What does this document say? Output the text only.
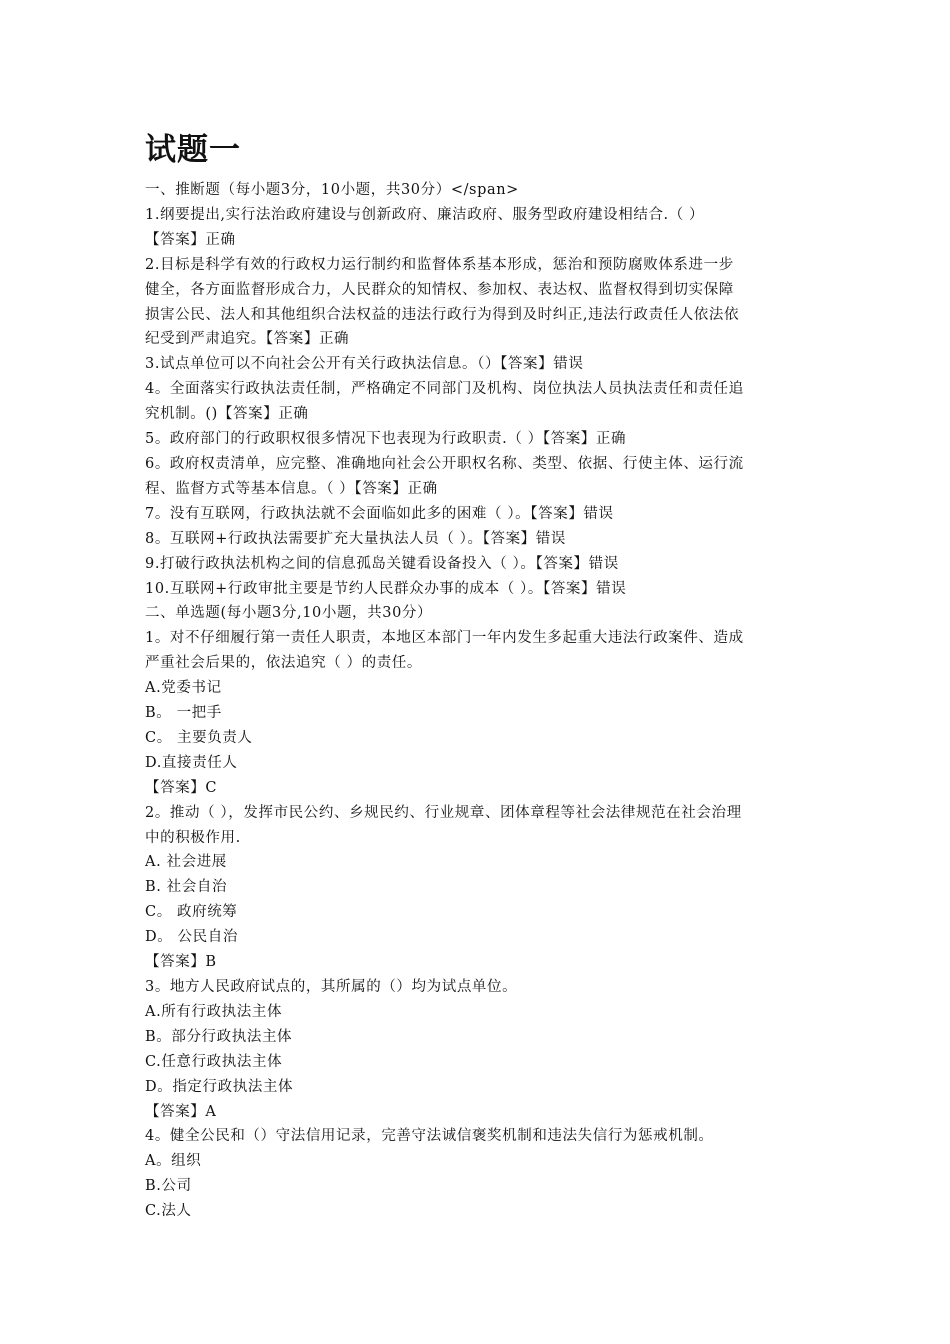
试题一
一、推断题（每小题3分，10小题，共30分）</span>
1.纲要提出,实行法治政府建设与创新政府、廉洁政府、服务型政府建设相结合.（ ）
【答案】正确
2.目标是科学有效的行政权力运行制约和监督体系基本形成，惩治和预防腐败体系进一步
健全，各方面监督形成合力，人民群众的知情权、参加权、表达权、监督权得到切实保障
损害公民、法人和其他组织合法权益的违法行政行为得到及时纠正,违法行政责任人依法依
纪受到严肃追究。【答案】正确
3.试点单位可以不向社会公开有关行政执法信息。（）【答案】错误
4。全面落实行政执法责任制，严格确定不同部门及机构、岗位执法人员执法责任和责任追
究机制。()【答案】正确
5。政府部门的行政职权很多情况下也表现为行政职责.（ ）【答案】正确
6。政府权责清单，应完整、准确地向社会公开职权名称、类型、依据、行使主体、运行流
程、监督方式等基本信息。（ ）【答案】正确
7。没有互联网，行政执法就不会面临如此多的困难（ ）。【答案】错误
8。互联网+行政执法需要扩充大量执法人员（ ）。【答案】错误
9.打破行政执法机构之间的信息孤岛关键看设备投入（ ）。【答案】错误
10.互联网+行政审批主要是节约人民群众办事的成本（ ）。【答案】错误
二、单选题(每小题3分,10小题，共30分）
1。对不仔细履行第一责任人职责，本地区本部门一年内发生多起重大违法行政案件、造成
严重社会后果的，依法追究（ ）的责任。
A.党委书记
B。 一把手
C。 主要负责人
D.直接责任人
【答案】C
2。推动（ ），发挥市民公约、乡规民约、行业规章、团体章程等社会法律规范在社会治理
中的积极作用.
A. 社会进展
B. 社会自治
C。 政府统筹
D。 公民自治
【答案】B
3。地方人民政府试点的，其所属的（）均为试点单位。
A.所有行政执法主体
B。部分行政执法主体
C.任意行政执法主体
D。指定行政执法主体
【答案】A
4。健全公民和（）守法信用记录，完善守法诚信褒奖机制和违法失信行为惩戒机制。
A。组织
B.公司
C.法人
